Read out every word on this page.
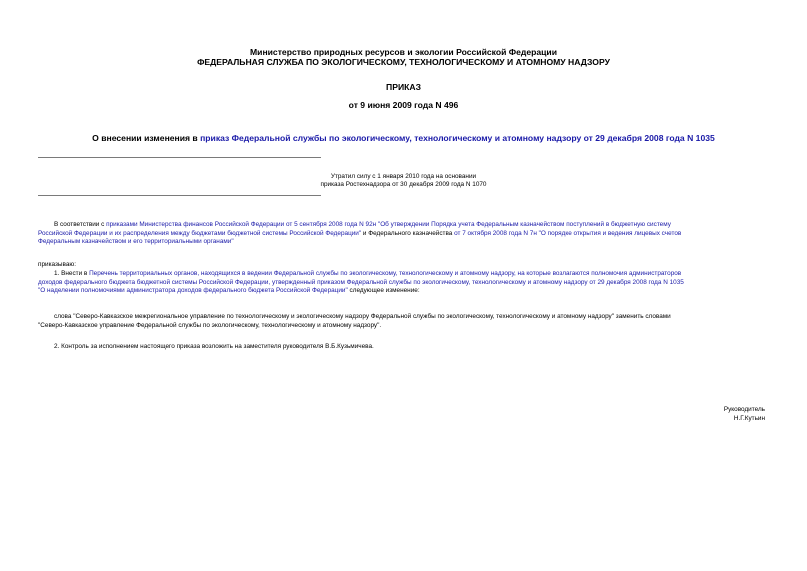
Министерство природных ресурсов и экологии Российской Федерации
ФЕДЕРАЛЬНАЯ СЛУЖБА ПО ЭКОЛОГИЧЕСКОМУ, ТЕХНОЛОГИЧЕСКОМУ И АТОМНОМУ НАДЗОРУ
ПРИКАЗ
от 9 июня 2009 года N 496
О внесении изменения в приказ Федеральной службы по экологическому, технологическому и атомному надзору от 29 декабря 2008 года N 1035
Утратил силу с 1 января 2010 года на основании
приказа Ростехнадзора от 30 декабря 2009 года N 1070
В соответствии с приказами Министерства финансов Российской Федерации от 5 сентября 2008 года N 92н "Об утверждении Порядка учета Федеральным казначейством поступлений в бюджетную систему
Российской Федерации и их распределения между бюджетами бюджетной системы Российской Федерации" и Федерального казначейства от 7 октября 2008 года N 7н "О порядке открытия и ведения лицевых счетов
Федеральным казначейством и его территориальными органами"
приказываю:
1. Внести в Перечень территориальных органов, находящихся в ведении Федеральной службы по экологическому, технологическому и атомному надзору, на которые возлагаются полномочия администраторов
доходов федерального бюджета бюджетной системы Российской Федерации, утвержденный приказом Федеральной службы по экологическому, технологическому и атомному надзору от 29 декабря 2008 года N 1035
"О наделении полномочиями администратора доходов федерального бюджета Российской Федерации" следующее изменение:
слова "Северо-Кавказское межрегиональное управление по технологическому и экологическому надзору Федеральной службы по экологическому, технологическому и атомному надзору" заменить словами
"Северо-Кавказское управление Федеральной службы по экологическому, технологическому и атомному надзору".
2. Контроль за исполнением настоящего приказа возложить на заместителя руководителя В.Б.Кузьмичева.
Руководитель
Н.Г.Кутьин
